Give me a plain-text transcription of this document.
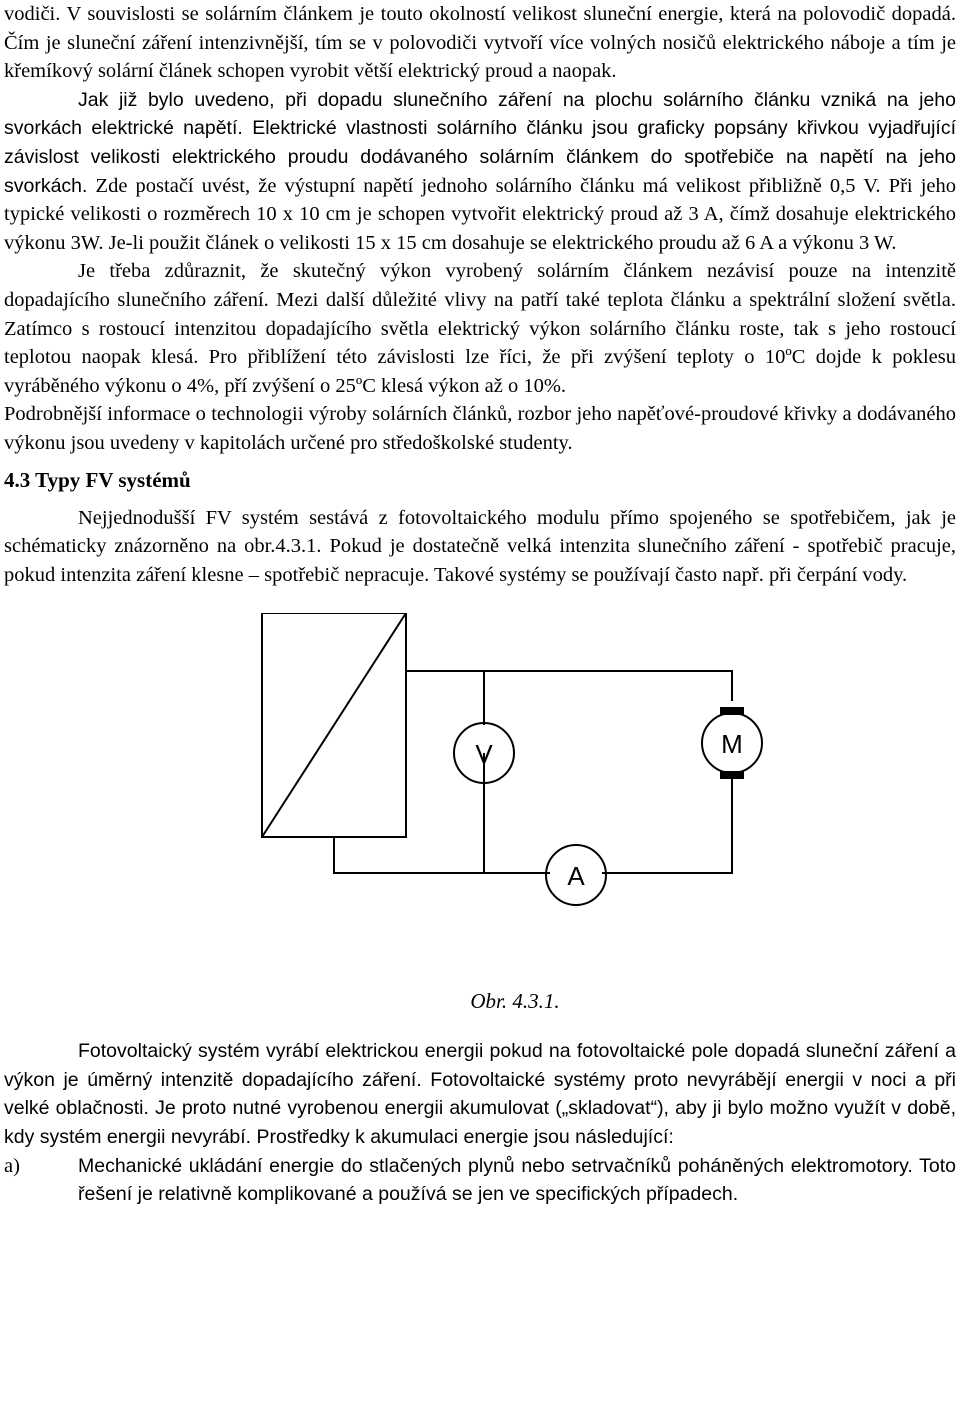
vodiči. V souvislosti se solárním článkem je touto okolností velikost sluneční energie, která na polovodič dopadá. Čím je sluneční záření intenzivnější, tím se v polovodiči vytvoří více volných nosičů elektrického náboje a tím je křemíkový solární článek schopen vyrobit větší elektrický proud a naopak.

Jak již bylo uvedeno, při dopadu slunečního záření na plochu solárního článku vzniká na jeho svorkách elektrické napětí. Elektrické vlastnosti solárního článku jsou graficky popsány křivkou vyjadřující závislost velikosti elektrického proudu dodávaného solárním článkem do spotřebiče na napětí na jeho svorkách. Zde postačí uvést, že výstupní napětí jednoho solárního článku má velikost přibližně 0,5 V. Při jeho typické velikosti o rozměrech 10 x 10 cm je schopen vytvořit elektrický proud až 3 A, čímž dosahuje elektrického výkonu 3W. Je-li použit článek o velikosti 15 x 15 cm dosahuje se elektrického proudu až 6 A a výkonu 3 W.

Je třeba zdůraznit, že skutečný výkon vyrobený solárním článkem nezávisí pouze na intenzitě dopadajícího slunečního záření. Mezi další důležité vlivy na patří také teplota článku a spektrální složení světla. Zatímco s rostoucí intenzitou dopadajícího světla elektrický výkon solárního článku roste, tak s jeho rostoucí teplotou naopak klesá. Pro přiblížení této závislosti lze říci, že při zvýšení teploty o 10ºC dojde k poklesu vyráběného výkonu o 4%, pří zvýšení o 25ºC klesá výkon až o 10%.

Podrobnější informace o technologii výroby solárních článků, rozbor jeho napěťové-proudové křivky a dodávaného výkonu jsou uvedeny v kapitolách určené pro středoškolské studenty.

4.3 Typy FV systémů

Nejjednodušší FV systém sestává z fotovoltaického modulu přímo spojeného se spotřebičem, jak je schématicky znázorněno na obr.4.3.1. Pokud je dostatečně velká intenzita slunečního záření - spotřebič pracuje, pokud intenzita záření klesne – spotřebič nepracuje. Takové systémy se používají často např. při čerpání vody.

V	M
A

Obr. 4.3.1.

Fotovoltaický systém vyrábí elektrickou energii pokud na fotovoltaické pole dopadá sluneční záření a výkon je úměrný intenzitě dopadajícího záření. Fotovoltaické systémy proto nevyrábějí energii v noci a při velké oblačnosti. Je proto nutné vyrobenou energii akumulovat („skladovat“), aby ji bylo možno využít v době, kdy systém energii nevyrábí. Prostředky k akumulaci energie jsou následující:

a)	Mechanické ukládání energie do stlačených plynů nebo setrvačníků poháněných elektromotory. Toto řešení je relativně komplikované a používá se jen ve specifických případech.
